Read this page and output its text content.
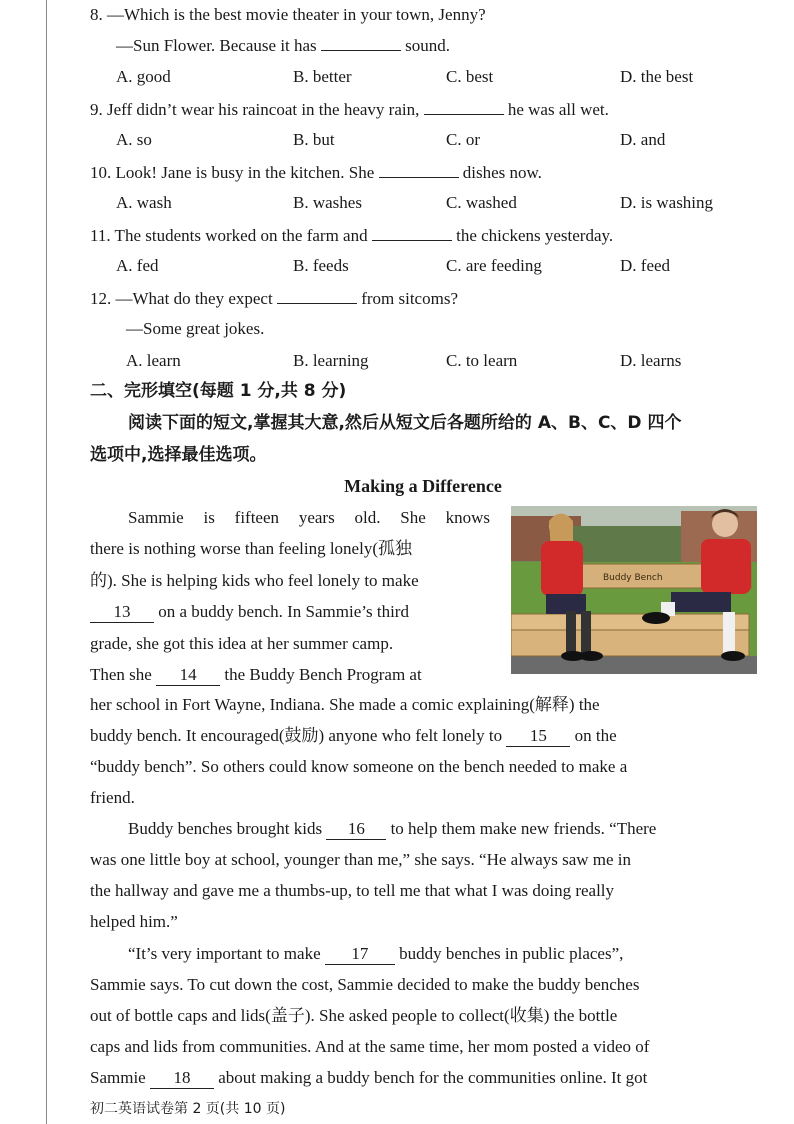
8. —Which is the best movie theater in your town, Jenny?
—Sun Flower. Because it has	sound.
A. good	B. better	C. best	D. the best
9. Jeff didn’t wear his raincoat in the heavy rain,	he was all wet.
A. so	B. but	C. or	D. and
10. Look! Jane is busy in the kitchen. She	dishes now.
A. wash	B. washes	C. washed	D. is washing
11. The students worked on the farm and	the chickens yesterday.
A. fed	B. feeds	C. are feeding	D. feed
12. —What do they expect	from sitcoms?
—Some great jokes.
A. learn	B. learning	C. to learn	D. learns
二、完形填空(每题 1 分,共 8 分)
阅读下面的短文,掌握其大意,然后从短文后各题所给的 A、B、C、D 四个
选项中,选择最佳选项。
Making a Difference
Buddy Bench
Sammie is fifteen years old. She knows
there is nothing worse than feeling lonely(孤独
的). She is helping kids who feel lonely to make
13 on a buddy bench. In Sammie’s third
grade, she got this idea at her summer camp.
Then she 14 the Buddy Bench Program at
her school in Fort Wayne, Indiana. She made a comic explaining(解释) the
buddy bench. It encouraged(鼓励) anyone who felt lonely to 15 on the
“buddy bench”. So others could know someone on the bench needed to make a
friend.
Buddy benches brought kids 16 to help them make new friends. “There
was one little boy at school, younger than me,” she says. “He always saw me in
the hallway and gave me a thumbs-up, to tell me that what I was doing really
helped him.”
“It’s very important to make 17 buddy benches in public places”,
Sammie says. To cut down the cost, Sammie decided to make the buddy benches
out of bottle caps and lids(盖子). She asked people to collect(收集) the bottle
caps and lids from communities. And at the same time, her mom posted a video of
Sammie 18 about making a buddy bench for the communities online. It got
初二英语试卷第 2 页(共 10 页)
